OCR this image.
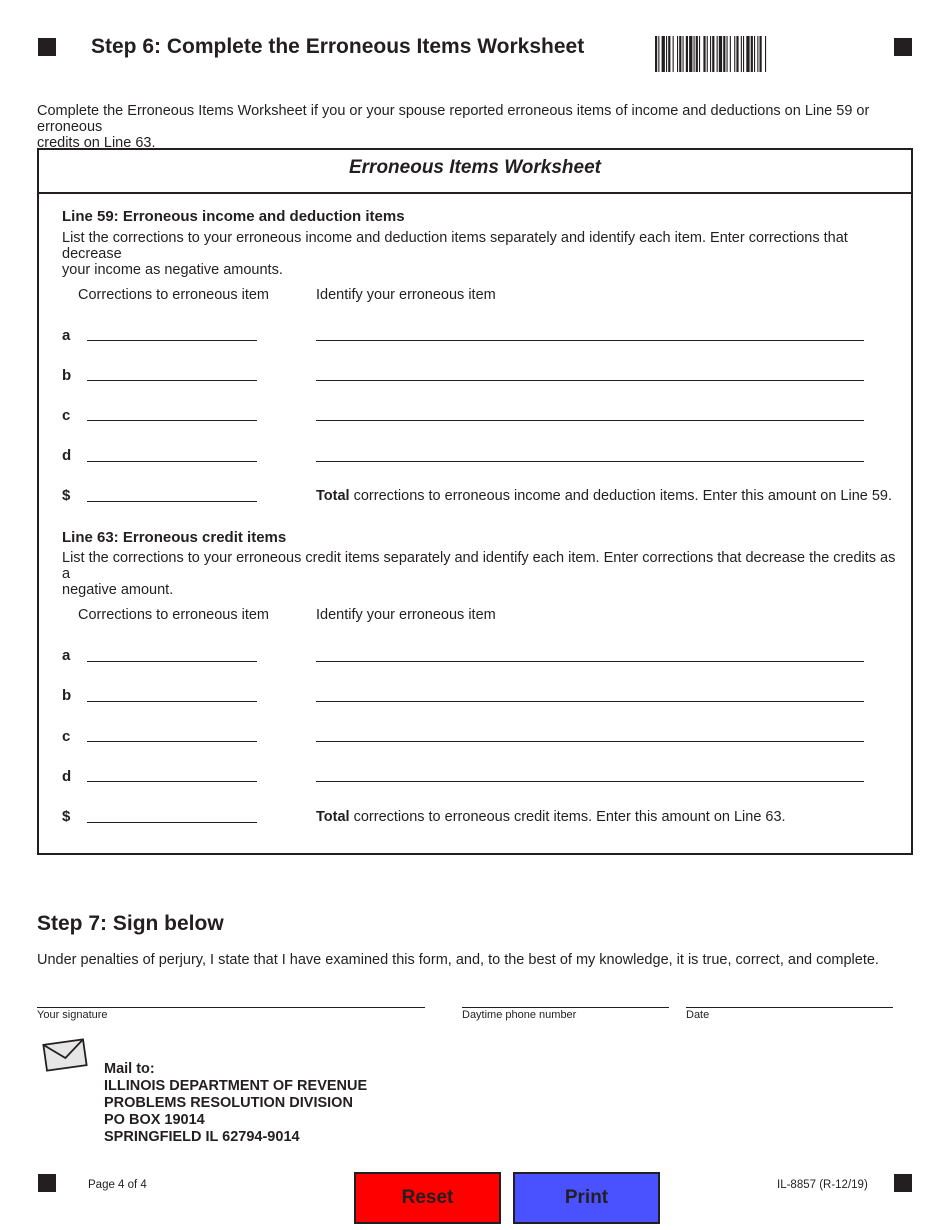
Step 6: Complete the Erroneous Items Worksheet
Complete the Erroneous Items Worksheet if you or your spouse reported erroneous items of income and deductions on Line 59 or erroneous
credits on Line 63.
Erroneous Items Worksheet
Line 59: Erroneous income and deduction items
List the corrections to your erroneous income and deduction items separately and identify each item. Enter corrections that decrease
your income as negative amounts.
Corrections to erroneous item	Identify your erroneous item
a
b
c
d
$	Total corrections to erroneous income and deduction items. Enter this amount on Line 59.
Line 63: Erroneous credit items
List the corrections to your erroneous credit items separately and identify each item. Enter corrections that decrease the credits as a
negative amount.
Corrections to erroneous item	Identify your erroneous item
a
b
c
d
$	Total corrections to erroneous credit items. Enter this amount on Line 63.
Step 7: Sign below
Under penalties of perjury, I state that I have examined this form, and, to the best of my knowledge, it is true, correct, and complete.
Your signature	Daytime phone number	Date
Mail to:
ILLINOIS DEPARTMENT OF REVENUE
PROBLEMS RESOLUTION DIVISION
PO BOX 19014
SPRINGFIELD IL 62794-9014
Page 4 of 4
Reset	Print
IL-8857 (R-12/19)
